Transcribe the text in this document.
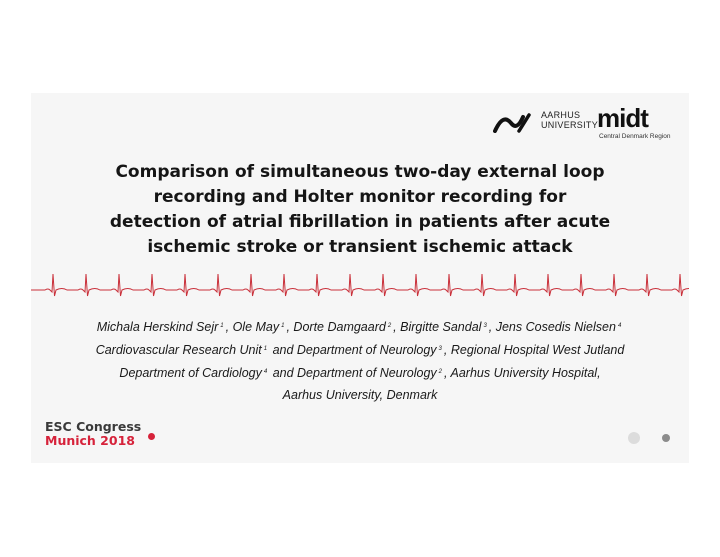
AARHUS
UNIVERSITY
midt
Central Denmark Region
Comparison of simultaneous two-day external loop
recording and Holter monitor recording for
detection of atrial fibrillation in patients after acute
ischemic stroke or transient ischemic attack
Michala Herskind Sejr $^1$ , Ole May $^1$ , Dorte Damgaard $^2$ , Birgitte Sandal $^3$ , Jens Cosedis Nielsen $^4$
Cardiovascular Research Unit $^1$ and Department of Neurology $^3$ , Regional Hospital West Jutland
Department of Cardiology $^4$ and Department of Neurology $^2$ , Aarhus University Hospital,
Aarhus University, Denmark
ESC Congress
Munich 2018
